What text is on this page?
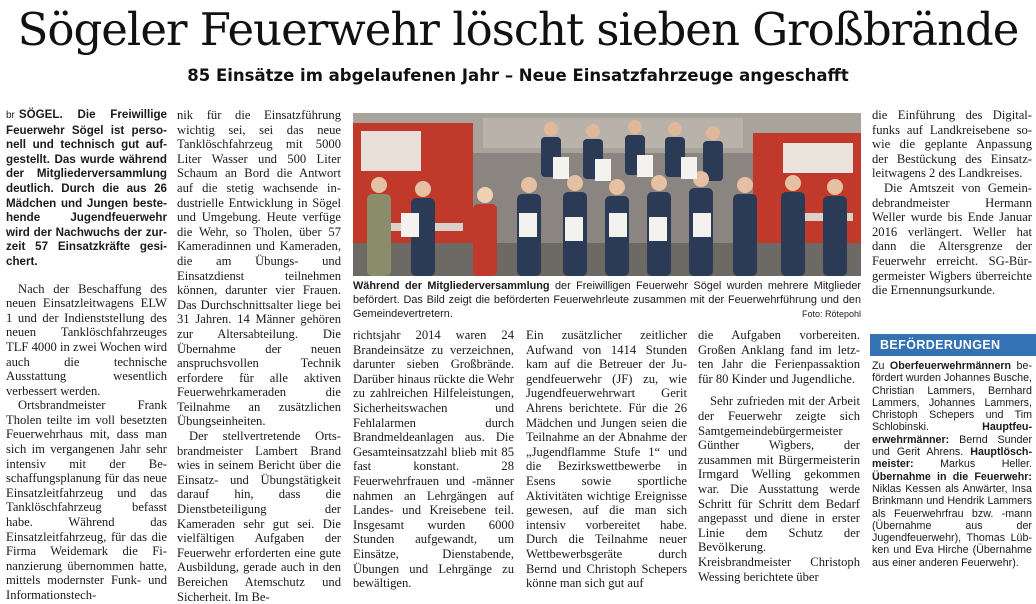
Sögeler Feuerwehr löscht sieben Großbrände
85 Einsätze im abgelaufenen Jahr – Neue Einsatzfahrzeuge angeschafft

br SÖGEL. Die Freiwillige Feuerwehr Sögel ist personell und technisch gut aufgestellt. Das wurde während der Mitgliederversammlung deutlich. Durch die aus 26 Mädchen und Jungen bestehende Jugendfeuerwehr wird der Nachwuchs der zurzeit 57 Einsatzkräfte gesichert.

Nach der Beschaffung des neuen Einsatzleitwagens ELW 1 und der Indienststellung des neuen Tanklöschfahrzeuges TLF 4000 in zwei Wochen wird auch die technische Ausstattung wesentlich verbessert werden.

Ortsbrandmeister Frank Tholen teilte im voll besetzten Feuerwehrhaus mit, dass man sich im vergangenen Jahr sehr intensiv mit der Beschaffungsplanung für das neue Einsatzleitfahrzeug und das Tanklöschfahrzeug befasst habe. Während das Einsatzleitfahrzeug, für das die Firma Weidemark die Finanzierung übernommen hatte, mittels modernster Funk- und Informationstech-

nik für die Einsatzführung wichtig sei, sei das neue Tanklöschfahrzeug mit 5000 Liter Wasser und 500 Liter Schaum an Bord die Antwort auf die stetig wachsende industrielle Entwicklung in Sögel und Umgebung. Heute verfüge die Wehr, so Tholen, über 57 Kameradinnen und Kameraden, die am Übungs- und Einsatzdienst teilnehmen können, darunter vier Frauen. Das Durchschnittsalter liege bei 31 Jahren. 14 Männer gehören zur Altersabteilung. Die Übernahme der neuen anspruchsvollen Technik erfordere für alle aktiven Feuerwehrkameraden die Teilnahme an zusätzlichen Übungseinheiten.

Der stellvertretende Ortsbrandmeister Lambert Brand wies in seinem Bericht über die Einsatz- und Übungstätigkeit darauf hin, dass die Dienstbeteiligung der Kameraden sehr gut sei. Die vielfältigen Aufgaben der Feuerwehr erforderten eine gute Ausbildung, gerade auch in den Bereichen Atemschutz und Sicherheit. Im Be-

Während der Mitgliederversammlung der Freiwilligen Feuerwehr Sögel wurden mehrere Mitglieder befördert. Das Bild zeigt die beförderten Feuerwehrleute zusammen mit der Feuerwehrführung und den Gemeindevertretern.	Foto: Rötepohl

richtsjahr 2014 waren 24 Brandeinsätze zu verzeichnen, darunter sieben Großbrände. Darüber hinaus rückte die Wehr zu zahlreichen Hilfeleistungen, Sicherheitswachen und Fehlalarmen durch Brandmeldeanlagen aus. Die Gesamteinsatzzahl blieb mit 85 fast konstant. 28 Feuerwehrfrauen und -männer nahmen an Lehrgängen auf Landes- und Kreisebene teil. Insgesamt wurden 6000 Stunden aufgewandt, um Einsätze, Dienstabende, Übungen und Lehrgänge zu bewältigen.

Ein zusätzlicher zeitlicher Aufwand von 1414 Stunden kam auf die Betreuer der Jugendfeuerwehr (JF) zu, wie Jugendfeuerwehrwart Gerit Ahrens berichtete. Für die 26 Mädchen und Jungen seien die Teilnahme an der Abnahme der „Jugendflamme Stufe 1“ und die Bezirkswettbewerbe in Esens sowie sportliche Aktivitäten wichtige Ereignisse gewesen, auf die man sich intensiv vorbereitet habe. Durch die Teilnahme neuer Wettbewerbsgeräte durch Bernd und Christoph Schepers könne man sich gut auf

die Aufgaben vorbereiten. Großen Anklang fand im letzten Jahr die Ferienpassaktion für 80 Kinder und Jugendliche.

Sehr zufrieden mit der Arbeit der Feuerwehr zeigte sich Samtgemeindebürgermeister Günther Wigbers, der zusammen mit Bürgermeisterin Irmgard Welling gekommen war. Die Ausstattung werde Schritt für Schritt dem Bedarf angepasst und diene in erster Linie dem Schutz der Bevölkerung. Kreisbrandmeister Christoph Wessing berichtete über

die Einführung des Digitalfunks auf Landkreisebene sowie die geplante Anpassung der Bestückung des Einsatzleitwagens 2 des Landkreises.

Die Amtszeit von Gemeindebrandmeister Hermann Weller wurde bis Ende Januar 2016 verlängert. Weller hat dann die Altersgrenze der Feuerwehr erreicht. SG-Bürgermeister Wigbers überreichte die Ernennungsurkunde.

BEFÖRDERUNGEN
Zu Oberfeuerwehrmännern befördert wurden Johannes Busche, Christian Lammers, Bernhard Lammers, Johannes Lammers, Christoph Schepers und Tim Schlobinski. Hauptfeuerwehrmänner: Bernd Sunder und Gerit Ahrens. Hauptlöschmeister: Markus Heller. Übernahme in die Feuerwehr: Niklas Kessen als Anwärter, Insa Brinkmann und Hendrik Lammers als Feuerwehrfrau bzw. -mann (Übernahme aus der Jugendfeuerwehr), Thomas Lübken und Eva Hirche (Übernahme aus einer anderen Feuerwehr).
